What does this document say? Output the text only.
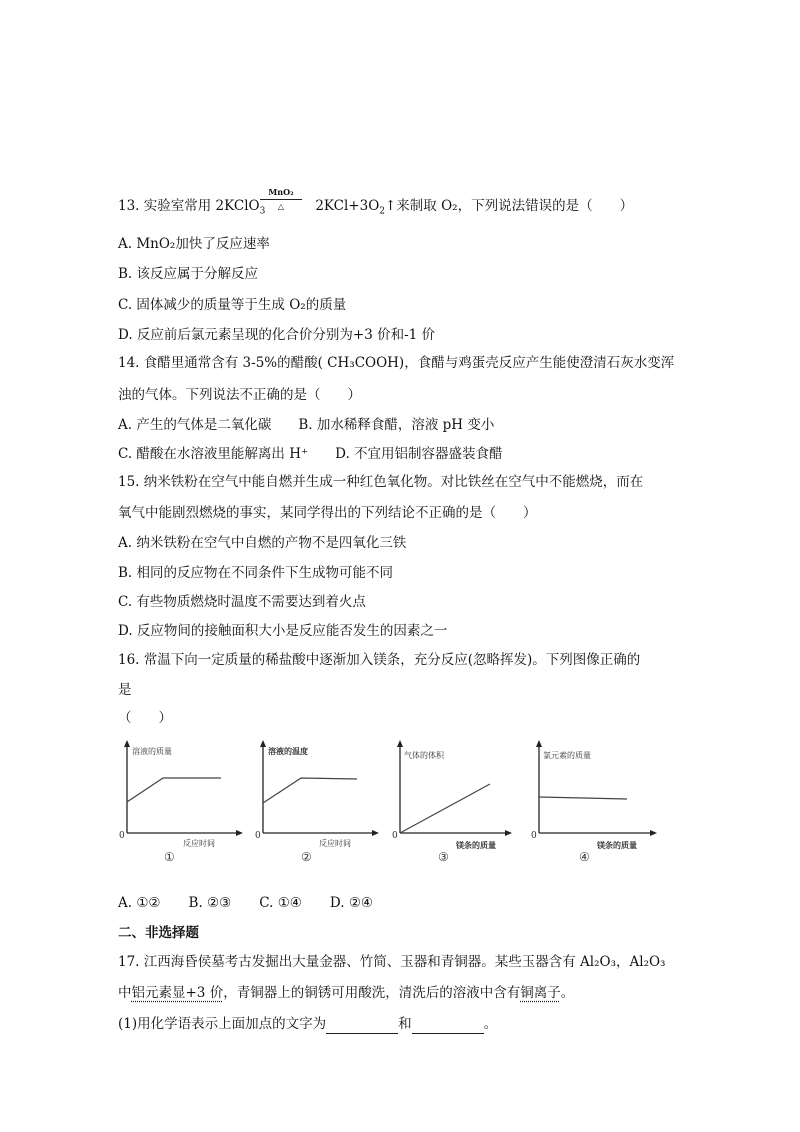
13. 实验室常用 2KClO$_3$	$2KCl+3O_2↑$来制取 O₂，下列说法错误的是（　　）
MnO₂
△
A. MnO₂加快了反应速率
B. 该反应属于分解反应
C. 固体减少的质量等于生成 O₂的质量
D. 反应前后氯元素呈现的化合价分别为+3 价和-1 价
14. 食醋里通常含有 3-5%的醋酸( CH₃COOH)，食醋与鸡蛋壳反应产生能使澄清石灰水变浑
浊的气体。下列说法不正确的是（　　）
A. 产生的气体是二氧化碳　　B. 加水稀释食醋，溶液 pH 变小
C. 醋酸在水溶液里能解离出 H⁺　　D. 不宜用铝制容器盛装食醋
15. 纳米铁粉在空气中能自燃并生成一种红色氧化物。对比铁丝在空气中不能燃烧，而在
氧气中能剧烈燃烧的事实，某同学得出的下列结论不正确的是（　　）
A. 纳米铁粉在空气中自燃的产物不是四氧化三铁
B. 相同的反应物在不同条件下生成物可能不同
C. 有些物质燃烧时温度不需要达到着火点
D. 反应物间的接触面积大小是反应能否发生的因素之一
16. 常温下向一定质量的稀盐酸中逐渐加入镁条，充分反应(忽略挥发)。下列图像正确的
是
（　　）
溶液的质量
反应时间
0
①
溶液的温度
反应时间
0
②
气体的体积
镁条的质量
0
③
氯元素的质量
镁条的质量
0
④
A. ①② B. ②③ C. ①④ D. ②④
二、非选择题
17. 江西海昏侯墓考古发掘出大量金器、竹简、玉器和青铜器。某些玉器含有 Al₂O₃，Al₂O₃
中铝元素显+3 价，青铜器上的铜锈可用酸洗，清洗后的溶液中含有铜离子。
(1)用化学语表示上面加点的文字为	和	。
